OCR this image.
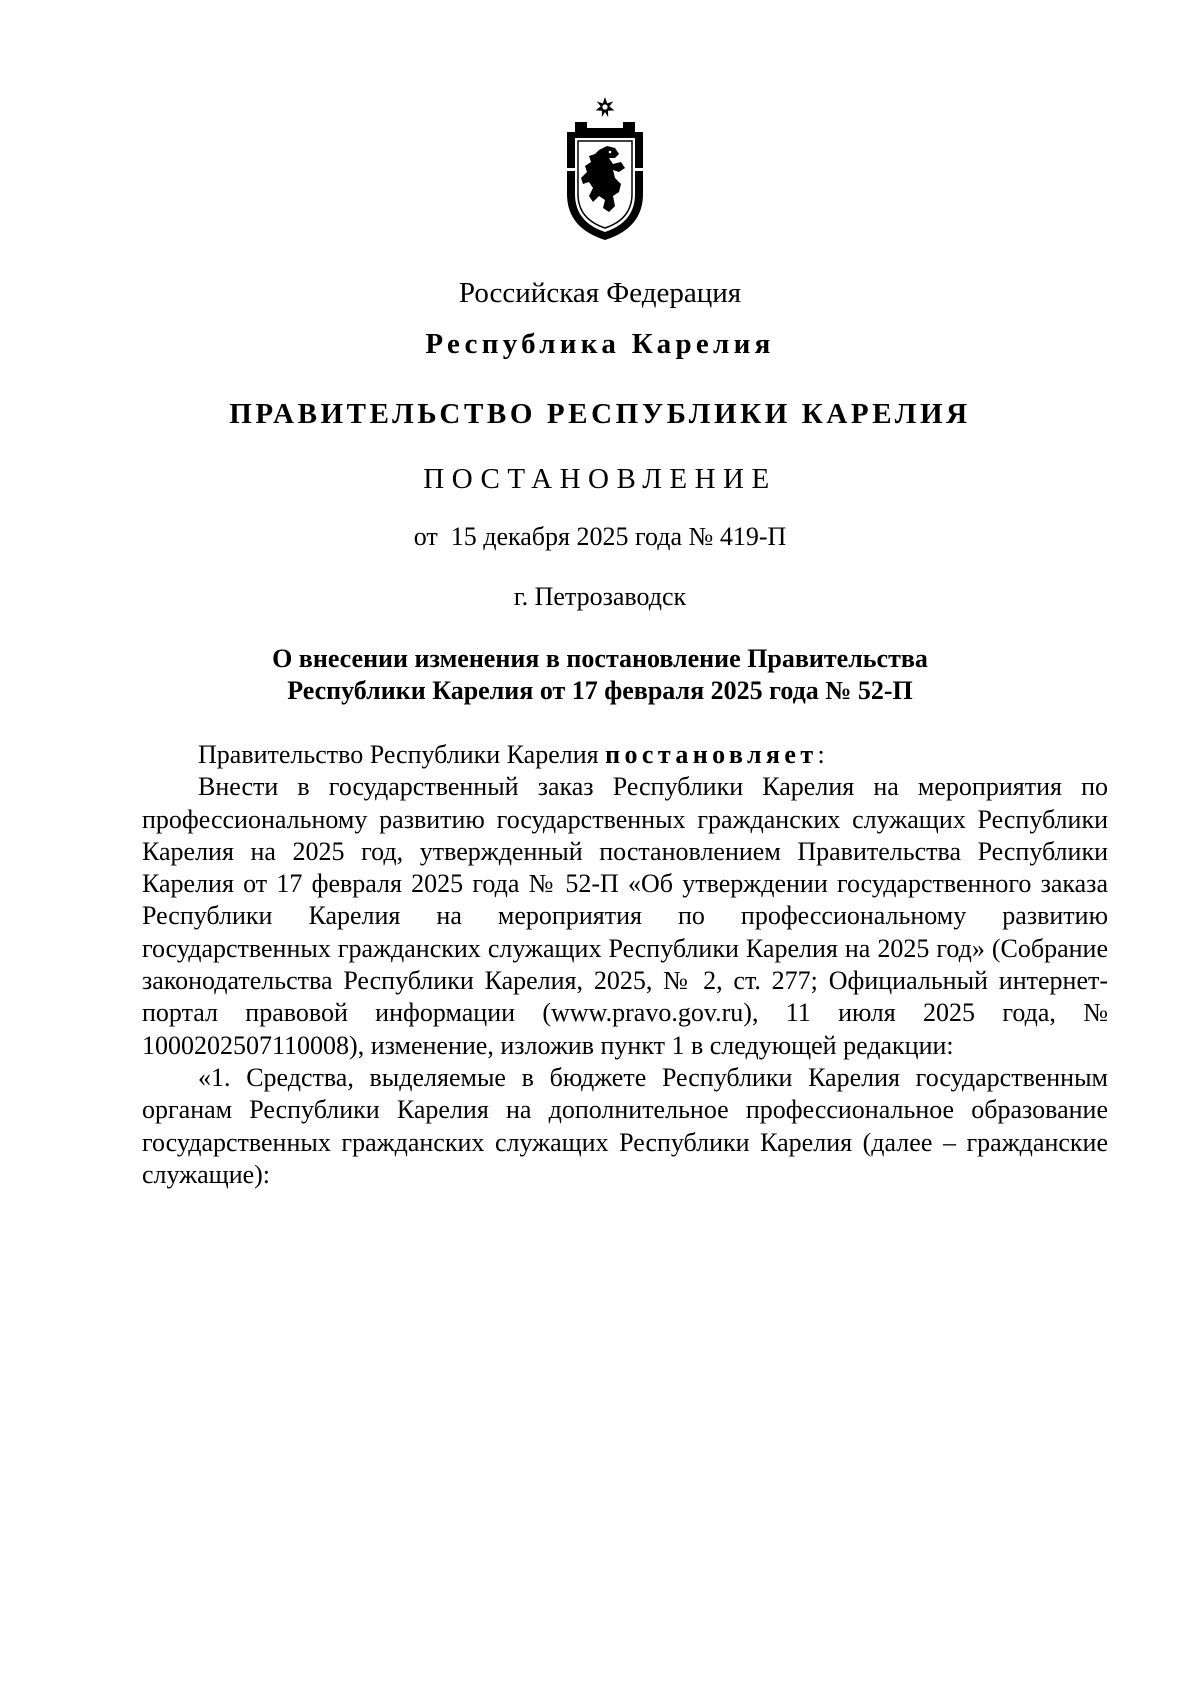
Российская Федерация
Республика Карелия
ПРАВИТЕЛЬСТВО РЕСПУБЛИКИ КАРЕЛИЯ
ПОСТАНОВЛЕНИЕ
от  15 декабря 2025 года № 419-П
г. Петрозаводск
О внесении изменения в постановление Правительства
Республики Карелия от 17 февраля 2025 года № 52-П

Правительство Республики Карелия постановляет:

Внести в государственный заказ Республики Карелия на мероприятия по профессиональному развитию государственных гражданских служащих Республики Карелия на 2025 год, утвержденный постановлением Правительства Республики Карелия от 17 февраля 2025 года № 52-П «Об утверждении государственного заказа Республики Карелия на мероприятия по профессиональному развитию государственных гражданских служащих Республики Карелия на 2025 год» (Собрание законодательства Республики Карелия, 2025, № 2, ст. 277; Официальный интернет-портал правовой информации (www.pravo.gov.ru), 11 июля 2025 года, № 1000202507110008), изменение, изложив пункт 1 в следующей редакции:

«1. Средства, выделяемые в бюджете Республики Карелия государственным органам Республики Карелия на дополнительное профессиональное образование государственных гражданских служащих Республики Карелия (далее – гражданские служащие):
